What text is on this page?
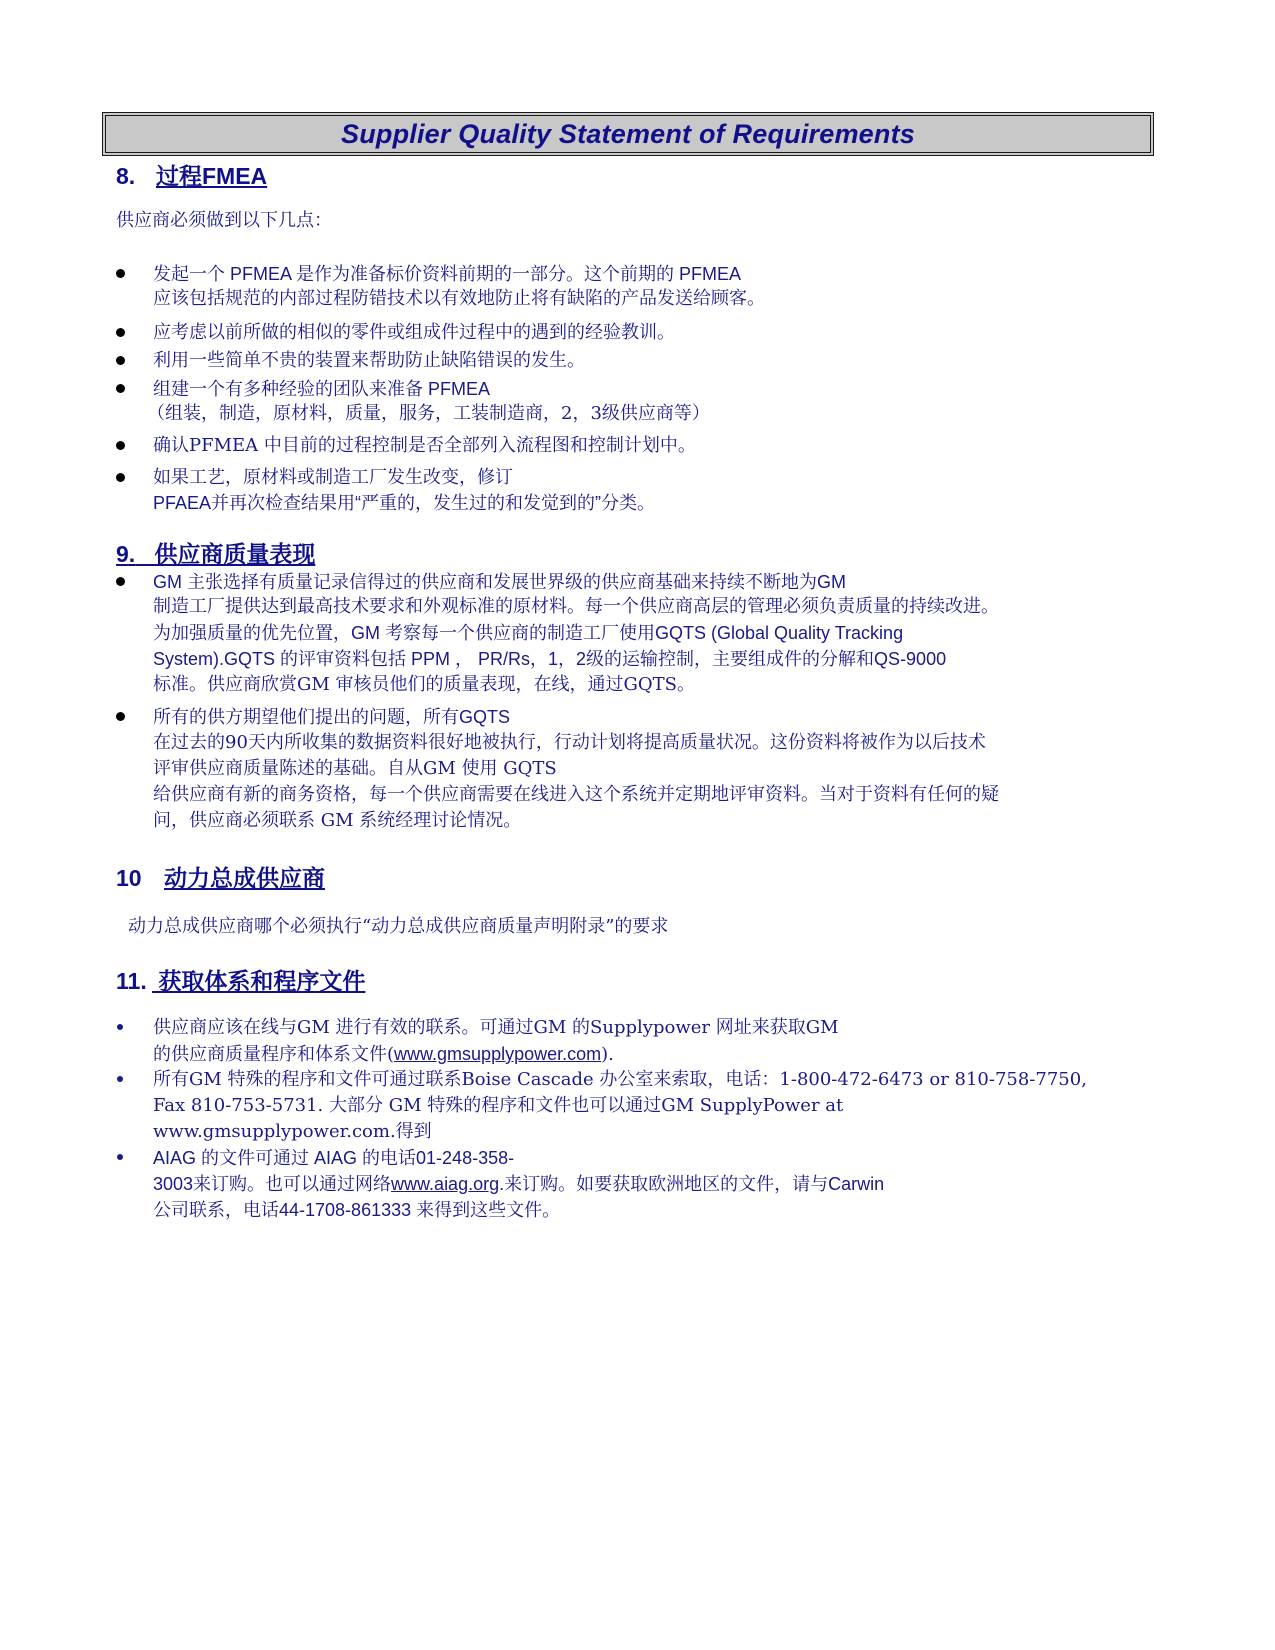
Supplier Quality Statement of Requirements
8. 过程FMEA
供应商必须做到以下几点：
发起一个 PFMEA 是作为准备标价资料前期的一部分。这个前期的 PFMEA
应该包括规范的内部过程防错技术以有效地防止将有缺陷的产品发送给顾客。
应考虑以前所做的相似的零件或组成件过程中的遇到的经验教训。
利用一些简单不贵的装置来帮助防止缺陷错误的发生。
组建一个有多种经验的团队来准备 PFMEA
（组装，制造，原材料，质量，服务，工装制造商，2，3级供应商等）
确认PFMEA 中目前的过程控制是否全部列入流程图和控制计划中。
如果工艺，原材料或制造工厂发生改变，修订
PFAEA并再次检查结果用“严重的，发生过的和发觉到的”分类。
9. 供应商质量表现
GM 主张选择有质量记录信得过的供应商和发展世界级的供应商基础来持续不断地为GM
制造工厂提供达到最高技术要求和外观标准的原材料。每一个供应商高层的管理必须负责质量的持续改进。
为加强质量的优先位置，GM 考察每一个供应商的制造工厂使用GQTS (Global Quality Tracking
System).GQTS 的评审资料包括 PPM ， PR/Rs，1，2级的运输控制，主要组成件的分解和QS-9000
标准。供应商欣赏GM 审核员他们的质量表现，在线，通过GQTS。
所有的供方期望他们提出的问题，所有GQTS
在过去的90天内所收集的数据资料很好地被执行，行动计划将提高质量状况。这份资料将被作为以后技术
评审供应商质量陈述的基础。自从GM 使用 GQTS
给供应商有新的商务资格，每一个供应商需要在线进入这个系统并定期地评审资料。当对于资料有任何的疑
问，供应商必须联系 GM 系统经理讨论情况。
10 动力总成供应商
动力总成供应商哪个必须执行“动力总成供应商质量声明附录”的要求
11. 获取体系和程序文件
供应商应该在线与GM 进行有效的联系。可通过GM 的Supplypower 网址来获取GM
的供应商质量程序和体系文件(www.gmsupplypower.com).
所有GM 特殊的程序和文件可通过联系Boise Cascade 办公室来索取，电话：1-800-472-6473 or 810-758-7750,
Fax 810-753-5731. 大部分 GM 特殊的程序和文件也可以通过GM SupplyPower at
www.gmsupplypower.com.得到
AIAG 的文件可通过 AIAG 的电话01-248-358-
3003来订购。也可以通过网络www.aiag.org.来订购。如要获取欧洲地区的文件，请与Carwin
公司联系，电话44-1708-861333 来得到这些文件。
